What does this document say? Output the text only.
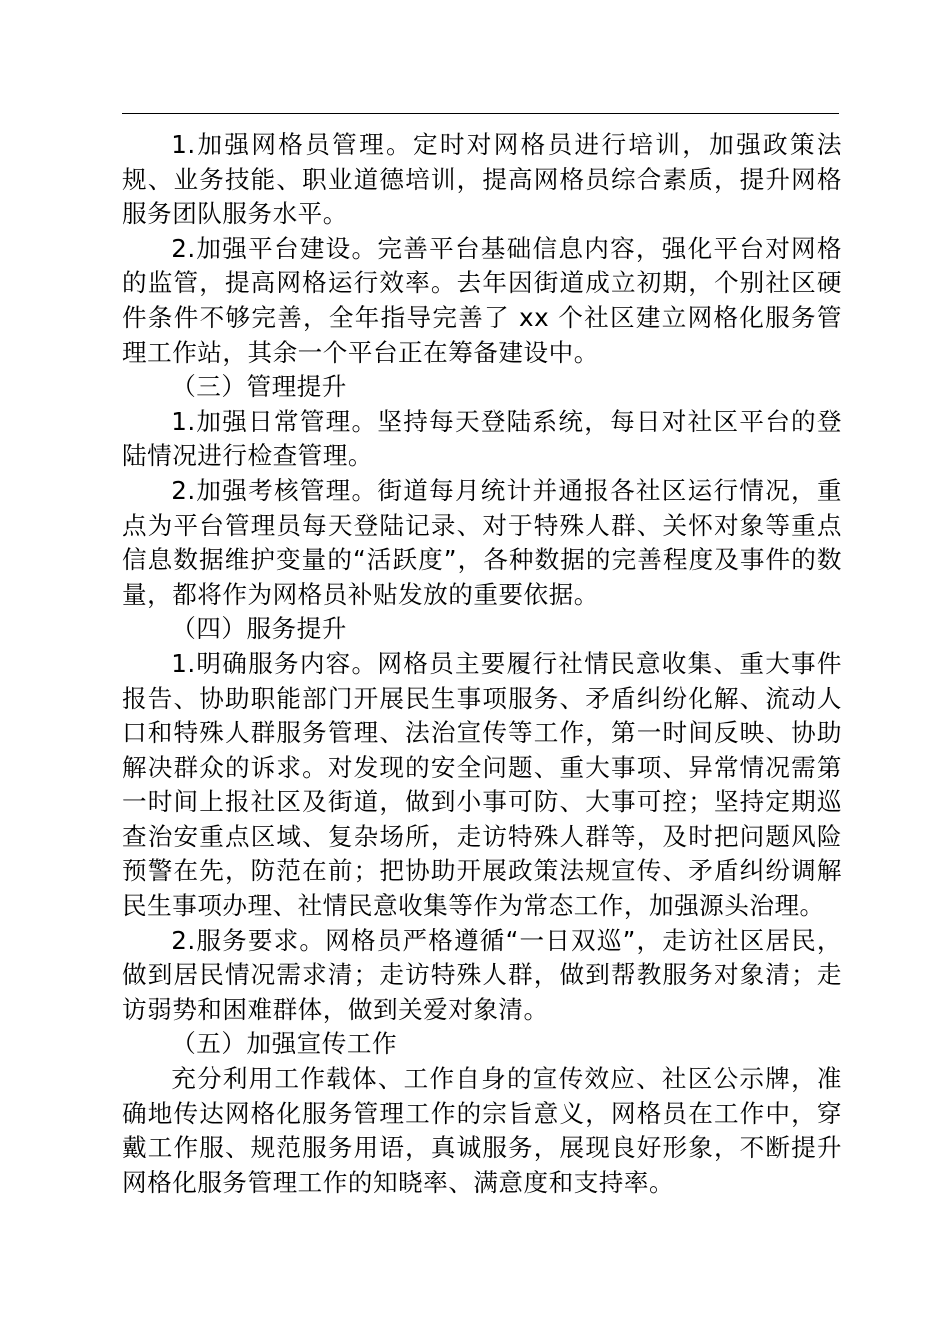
1.加强网格员管理。定时对网格员进行培训，加强政策法规、业务技能、职业道德培训，提高网格员综合素质，提升网格服务团队服务水平。

2.加强平台建设。完善平台基础信息内容，强化平台对网格的监管，提高网格运行效率。去年因街道成立初期，个别社区硬件条件不够完善，全年指导完善了 xx 个社区建立网格化服务管理工作站，其余一个平台正在筹备建设中。

（三）管理提升

1.加强日常管理。坚持每天登陆系统，每日对社区平台的登陆情况进行检查管理。

2.加强考核管理。街道每月统计并通报各社区运行情况，重点为平台管理员每天登陆记录、对于特殊人群、关怀对象等重点信息数据维护变量的“活跃度”，各种数据的完善程度及事件的数量，都将作为网格员补贴发放的重要依据。

（四）服务提升

1.明确服务内容。网格员主要履行社情民意收集、重大事件报告、协助职能部门开展民生事项服务、矛盾纠纷化解、流动人口和特殊人群服务管理、法治宣传等工作，第一时间反映、协助解决群众的诉求。对发现的安全问题、重大事项、异常情况需第一时间上报社区及街道，做到小事可防、大事可控；坚持定期巡查治安重点区域、复杂场所，走访特殊人群等，及时把问题风险预警在先，防范在前；把协助开展政策法规宣传、矛盾纠纷调解民生事项办理、社情民意收集等作为常态工作，加强源头治理。

2.服务要求。网格员严格遵循“一日双巡”，走访社区居民，做到居民情况需求清；走访特殊人群，做到帮教服务对象清；走访弱势和困难群体，做到关爱对象清。

（五）加强宣传工作

充分利用工作载体、工作自身的宣传效应、社区公示牌，准确地传达网格化服务管理工作的宗旨意义，网格员在工作中，穿戴工作服、规范服务用语，真诚服务，展现良好形象，不断提升网格化服务管理工作的知晓率、满意度和支持率。
